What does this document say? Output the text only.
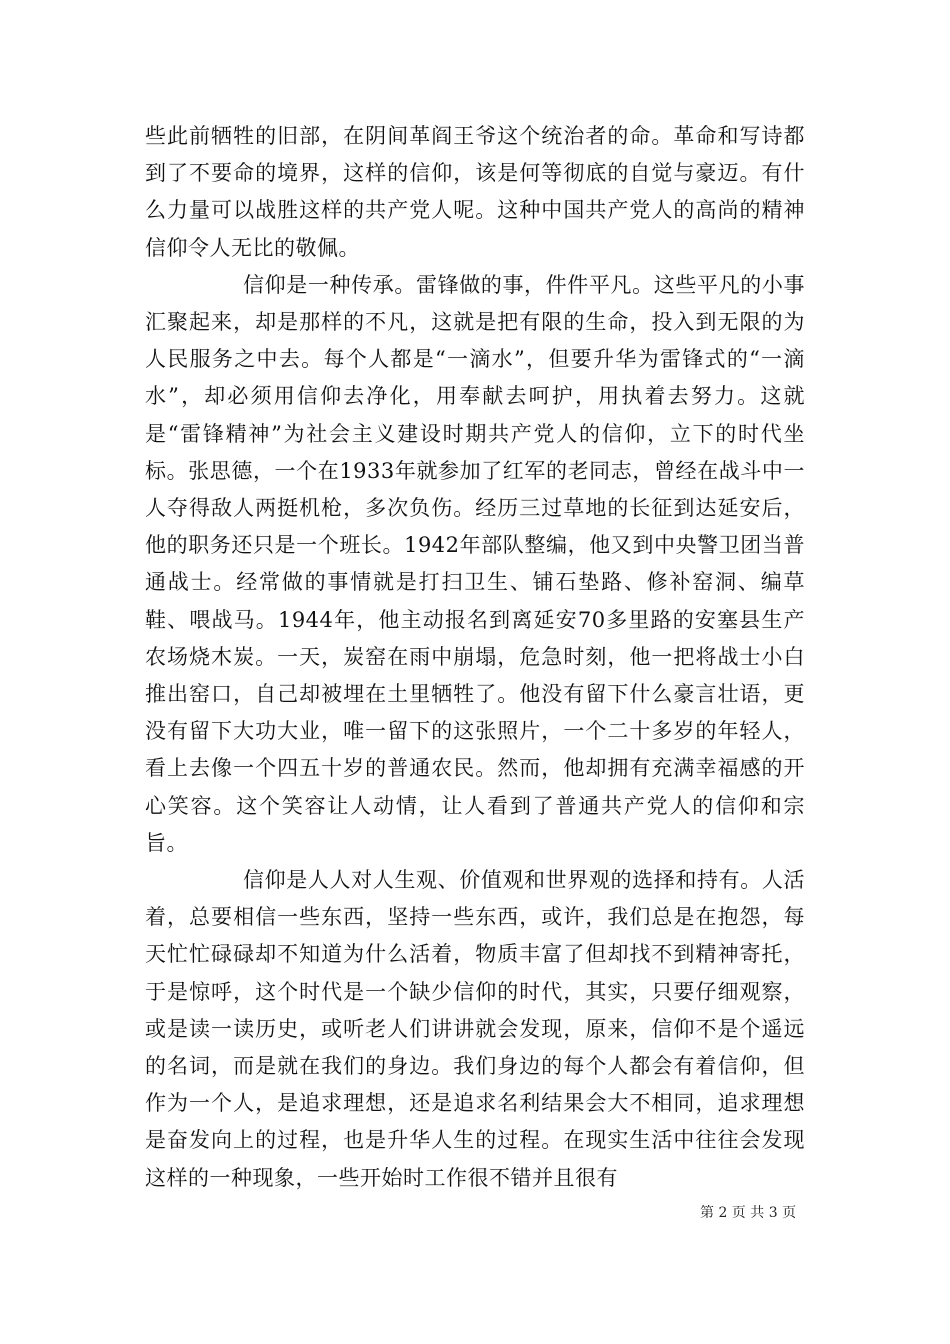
些此前牺牲的旧部，在阴间革阎王爷这个统治者的命。革命和写诗都到了不要命的境界，这样的信仰，该是何等彻底的自觉与豪迈。有什么力量可以战胜这样的共产党人呢。这种中国共产党人的高尚的精神信仰令人无比的敬佩。

信仰是一种传承。雷锋做的事，件件平凡。这些平凡的小事汇聚起来，却是那样的不凡，这就是把有限的生命，投入到无限的为人民服务之中去。每个人都是“一滴水”，但要升华为雷锋式的“一滴水”，却必须用信仰去净化，用奉献去呵护，用执着去努力。这就是“雷锋精神”为社会主义建设时期共产党人的信仰，立下的时代坐标。张思德，一个在1933年就参加了红军的老同志，曾经在战斗中一人夺得敌人两挺机枪，多次负伤。经历三过草地的长征到达延安后，他的职务还只是一个班长。1942年部队整编，他又到中央警卫团当普通战士。经常做的事情就是打扫卫生、铺石垫路、修补窑洞、编草鞋、喂战马。1944年，他主动报名到离延安70多里路的安塞县生产农场烧木炭。一天，炭窑在雨中崩塌，危急时刻，他一把将战士小白推出窑口，自己却被埋在土里牺牲了。他没有留下什么豪言壮语，更没有留下大功大业，唯一留下的这张照片，一个二十多岁的年轻人，看上去像一个四五十岁的普通农民。然而，他却拥有充满幸福感的开心笑容。这个笑容让人动情，让人看到了普通共产党人的信仰和宗旨。

信仰是人人对人生观、价值观和世界观的选择和持有。人活着，总要相信一些东西，坚持一些东西，或许，我们总是在抱怨，每天忙忙碌碌却不知道为什么活着，物质丰富了但却找不到精神寄托，于是惊呼，这个时代是一个缺少信仰的时代，其实，只要仔细观察，或是读一读历史，或听老人们讲讲就会发现，原来，信仰不是个遥远的名词，而是就在我们的身边。我们身边的每个人都会有着信仰，但作为一个人，是追求理想，还是追求名利结果会大不相同，追求理想是奋发向上的过程，也是升华人生的过程。在现实生活中往往会发现这样的一种现象，一些开始时工作很不错并且很有

第 2 页 共 3 页
